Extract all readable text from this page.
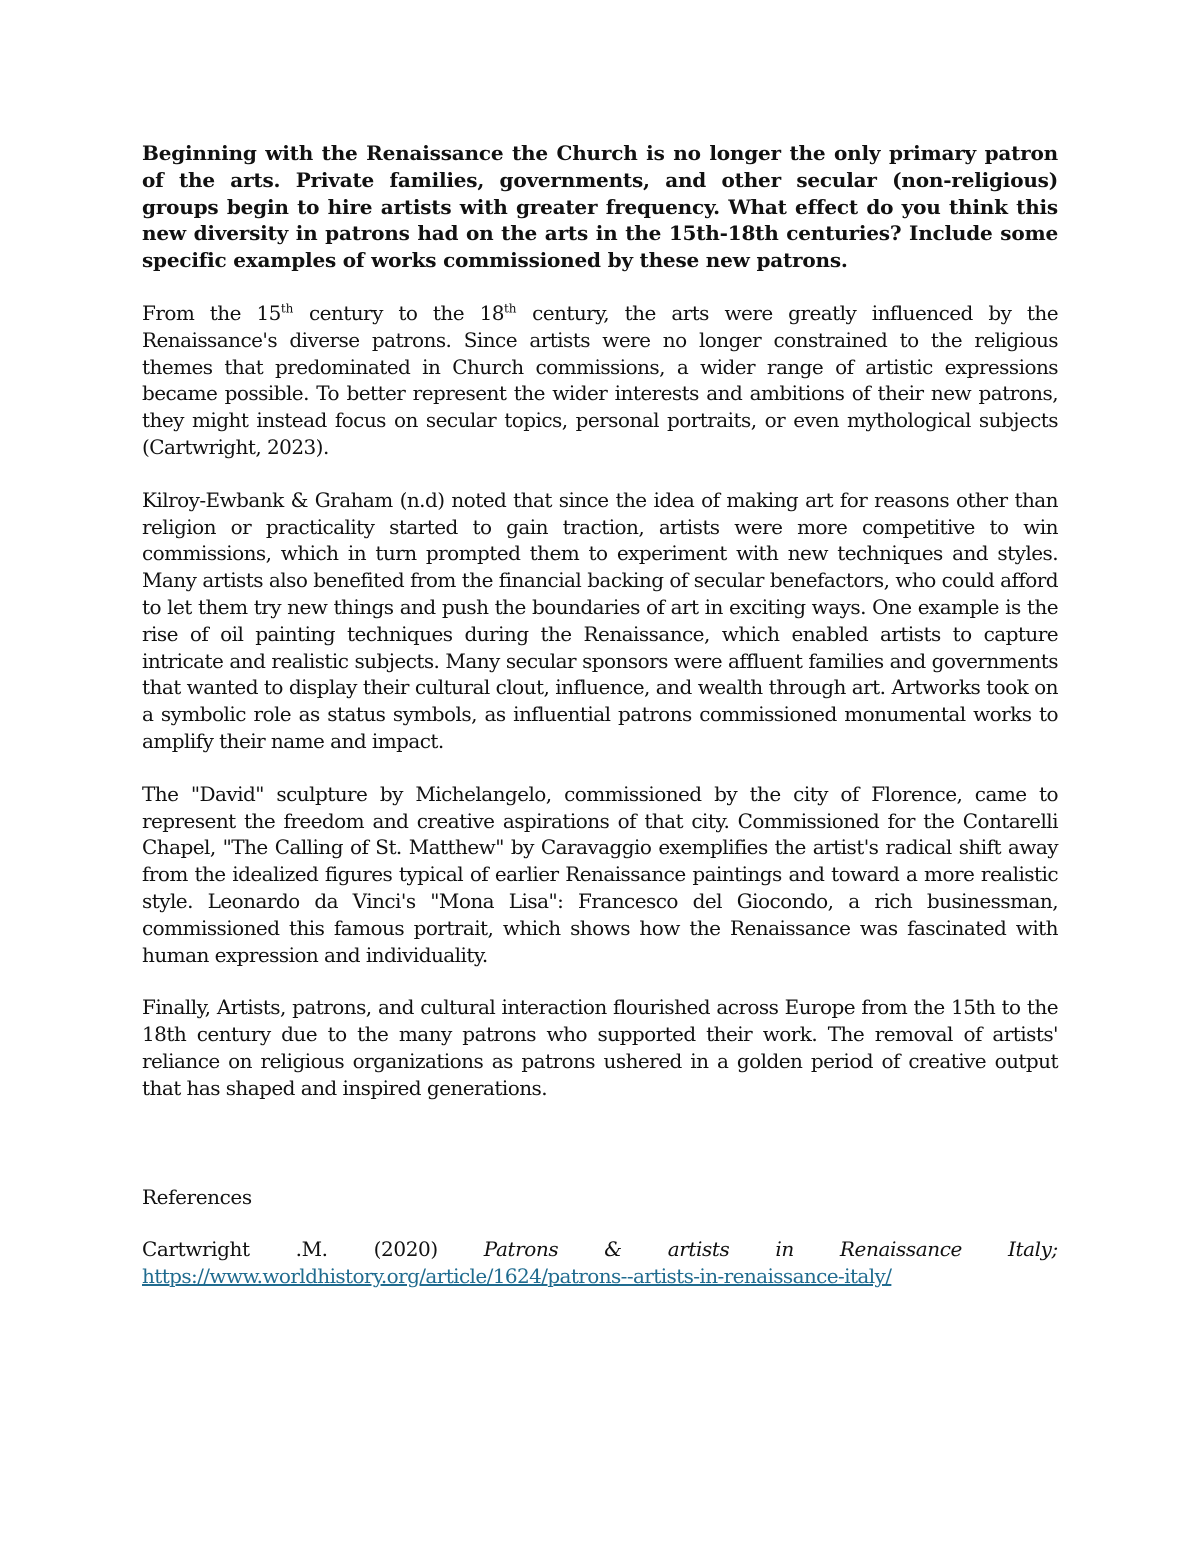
Beginning with the Renaissance the Church is no longer the only primary patron of the arts. Private families, governments, and other secular (non-religious) groups begin to hire artists with greater frequency. What effect do you think this new diversity in patrons had on the arts in the 15th-18th centuries? Include some specific examples of works commissioned by these new patrons.

From the 15th century to the 18th century, the arts were greatly influenced by the Renaissance's diverse patrons. Since artists were no longer constrained to the religious themes that predominated in Church commissions, a wider range of artistic expressions became possible. To better represent the wider interests and ambitions of their new patrons, they might instead focus on secular topics, personal portraits, or even mythological subjects (Cartwright, 2023).

Kilroy-Ewbank & Graham (n.d) noted that since the idea of making art for reasons other than religion or practicality started to gain traction, artists were more competitive to win commissions, which in turn prompted them to experiment with new techniques and styles. Many artists also benefited from the financial backing of secular benefactors, who could afford to let them try new things and push the boundaries of art in exciting ways. One example is the rise of oil painting techniques during the Renaissance, which enabled artists to capture intricate and realistic subjects. Many secular sponsors were affluent families and governments that wanted to display their cultural clout, influence, and wealth through art. Artworks took on a symbolic role as status symbols, as influential patrons commissioned monumental works to amplify their name and impact.

The "David" sculpture by Michelangelo, commissioned by the city of Florence, came to represent the freedom and creative aspirations of that city. Commissioned for the Contarelli Chapel, "The Calling of St. Matthew" by Caravaggio exemplifies the artist's radical shift away from the idealized figures typical of earlier Renaissance paintings and toward a more realistic style. Leonardo da Vinci's "Mona Lisa": Francesco del Giocondo, a rich businessman, commissioned this famous portrait, which shows how the Renaissance was fascinated with human expression and individuality.

Finally, Artists, patrons, and cultural interaction flourished across Europe from the 15th to the 18th century due to the many patrons who supported their work. The removal of artists' reliance on religious organizations as patrons ushered in a golden period of creative output that has shaped and inspired generations.

References

Cartwright .M. (2020) Patrons & artists in Renaissance Italy;
https://www.worldhistory.org/article/1624/patrons--artists-in-renaissance-italy/
